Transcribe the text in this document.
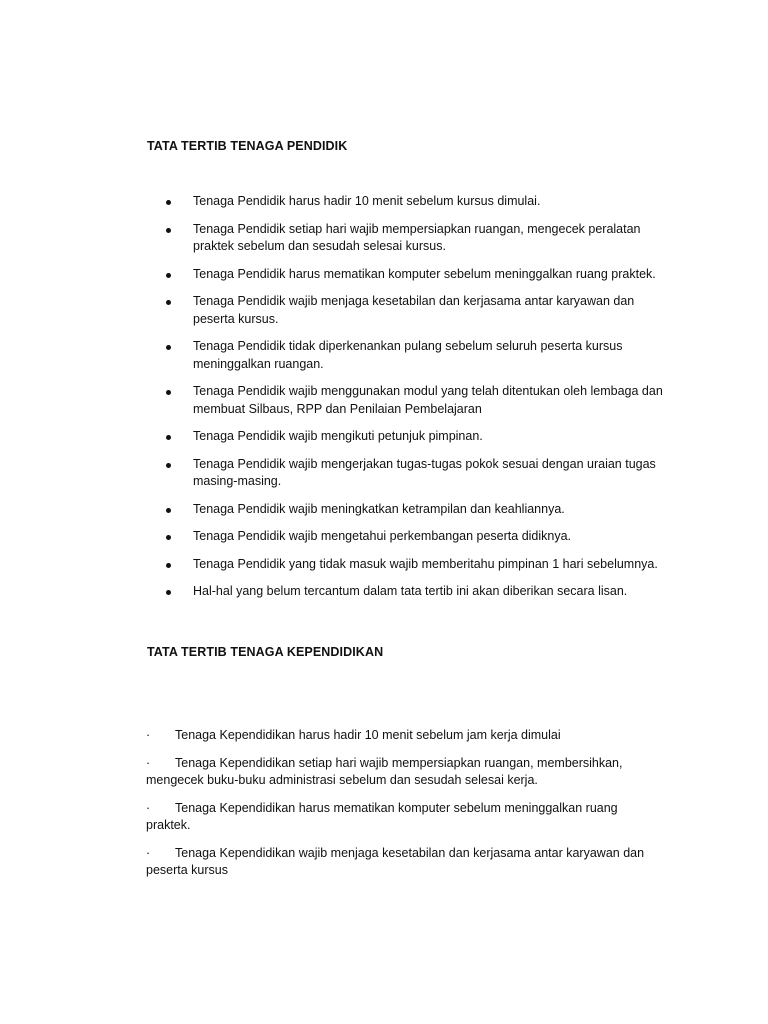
TATA TERTIB TENAGA PENDIDIK
Tenaga Pendidik harus hadir 10 menit sebelum kursus dimulai.
Tenaga Pendidik setiap hari wajib mempersiapkan ruangan, mengecek peralatan praktek sebelum dan sesudah selesai kursus.
Tenaga Pendidik harus mematikan komputer sebelum meninggalkan ruang praktek.
Tenaga Pendidik wajib menjaga kesetabilan dan kerjasama antar karyawan dan peserta kursus.
Tenaga Pendidik tidak diperkenankan pulang sebelum seluruh peserta kursus meninggalkan ruangan.
Tenaga Pendidik wajib menggunakan modul yang telah ditentukan oleh lembaga dan membuat Silbaus, RPP dan Penilaian Pembelajaran
Tenaga Pendidik wajib mengikuti petunjuk pimpinan.
Tenaga Pendidik wajib mengerjakan tugas-tugas pokok sesuai dengan uraian tugas masing-masing.
Tenaga Pendidik wajib meningkatkan ketrampilan dan keahliannya.
Tenaga Pendidik wajib mengetahui perkembangan peserta didiknya.
Tenaga Pendidik yang tidak masuk wajib memberitahu pimpinan 1 hari sebelumnya.
Hal-hal yang belum tercantum dalam tata tertib ini akan diberikan secara lisan.
TATA TERTIB TENAGA KEPENDIDIKAN
· Tenaga Kependidikan harus hadir 10 menit sebelum jam kerja dimulai
· Tenaga Kependidikan setiap hari wajib mempersiapkan ruangan, membersihkan, mengecek buku-buku administrasi sebelum dan sesudah selesai kerja.
· Tenaga Kependidikan harus mematikan komputer sebelum meninggalkan ruang praktek.
· Tenaga Kependidikan wajib menjaga kesetabilan dan kerjasama antar karyawan dan peserta kursus
